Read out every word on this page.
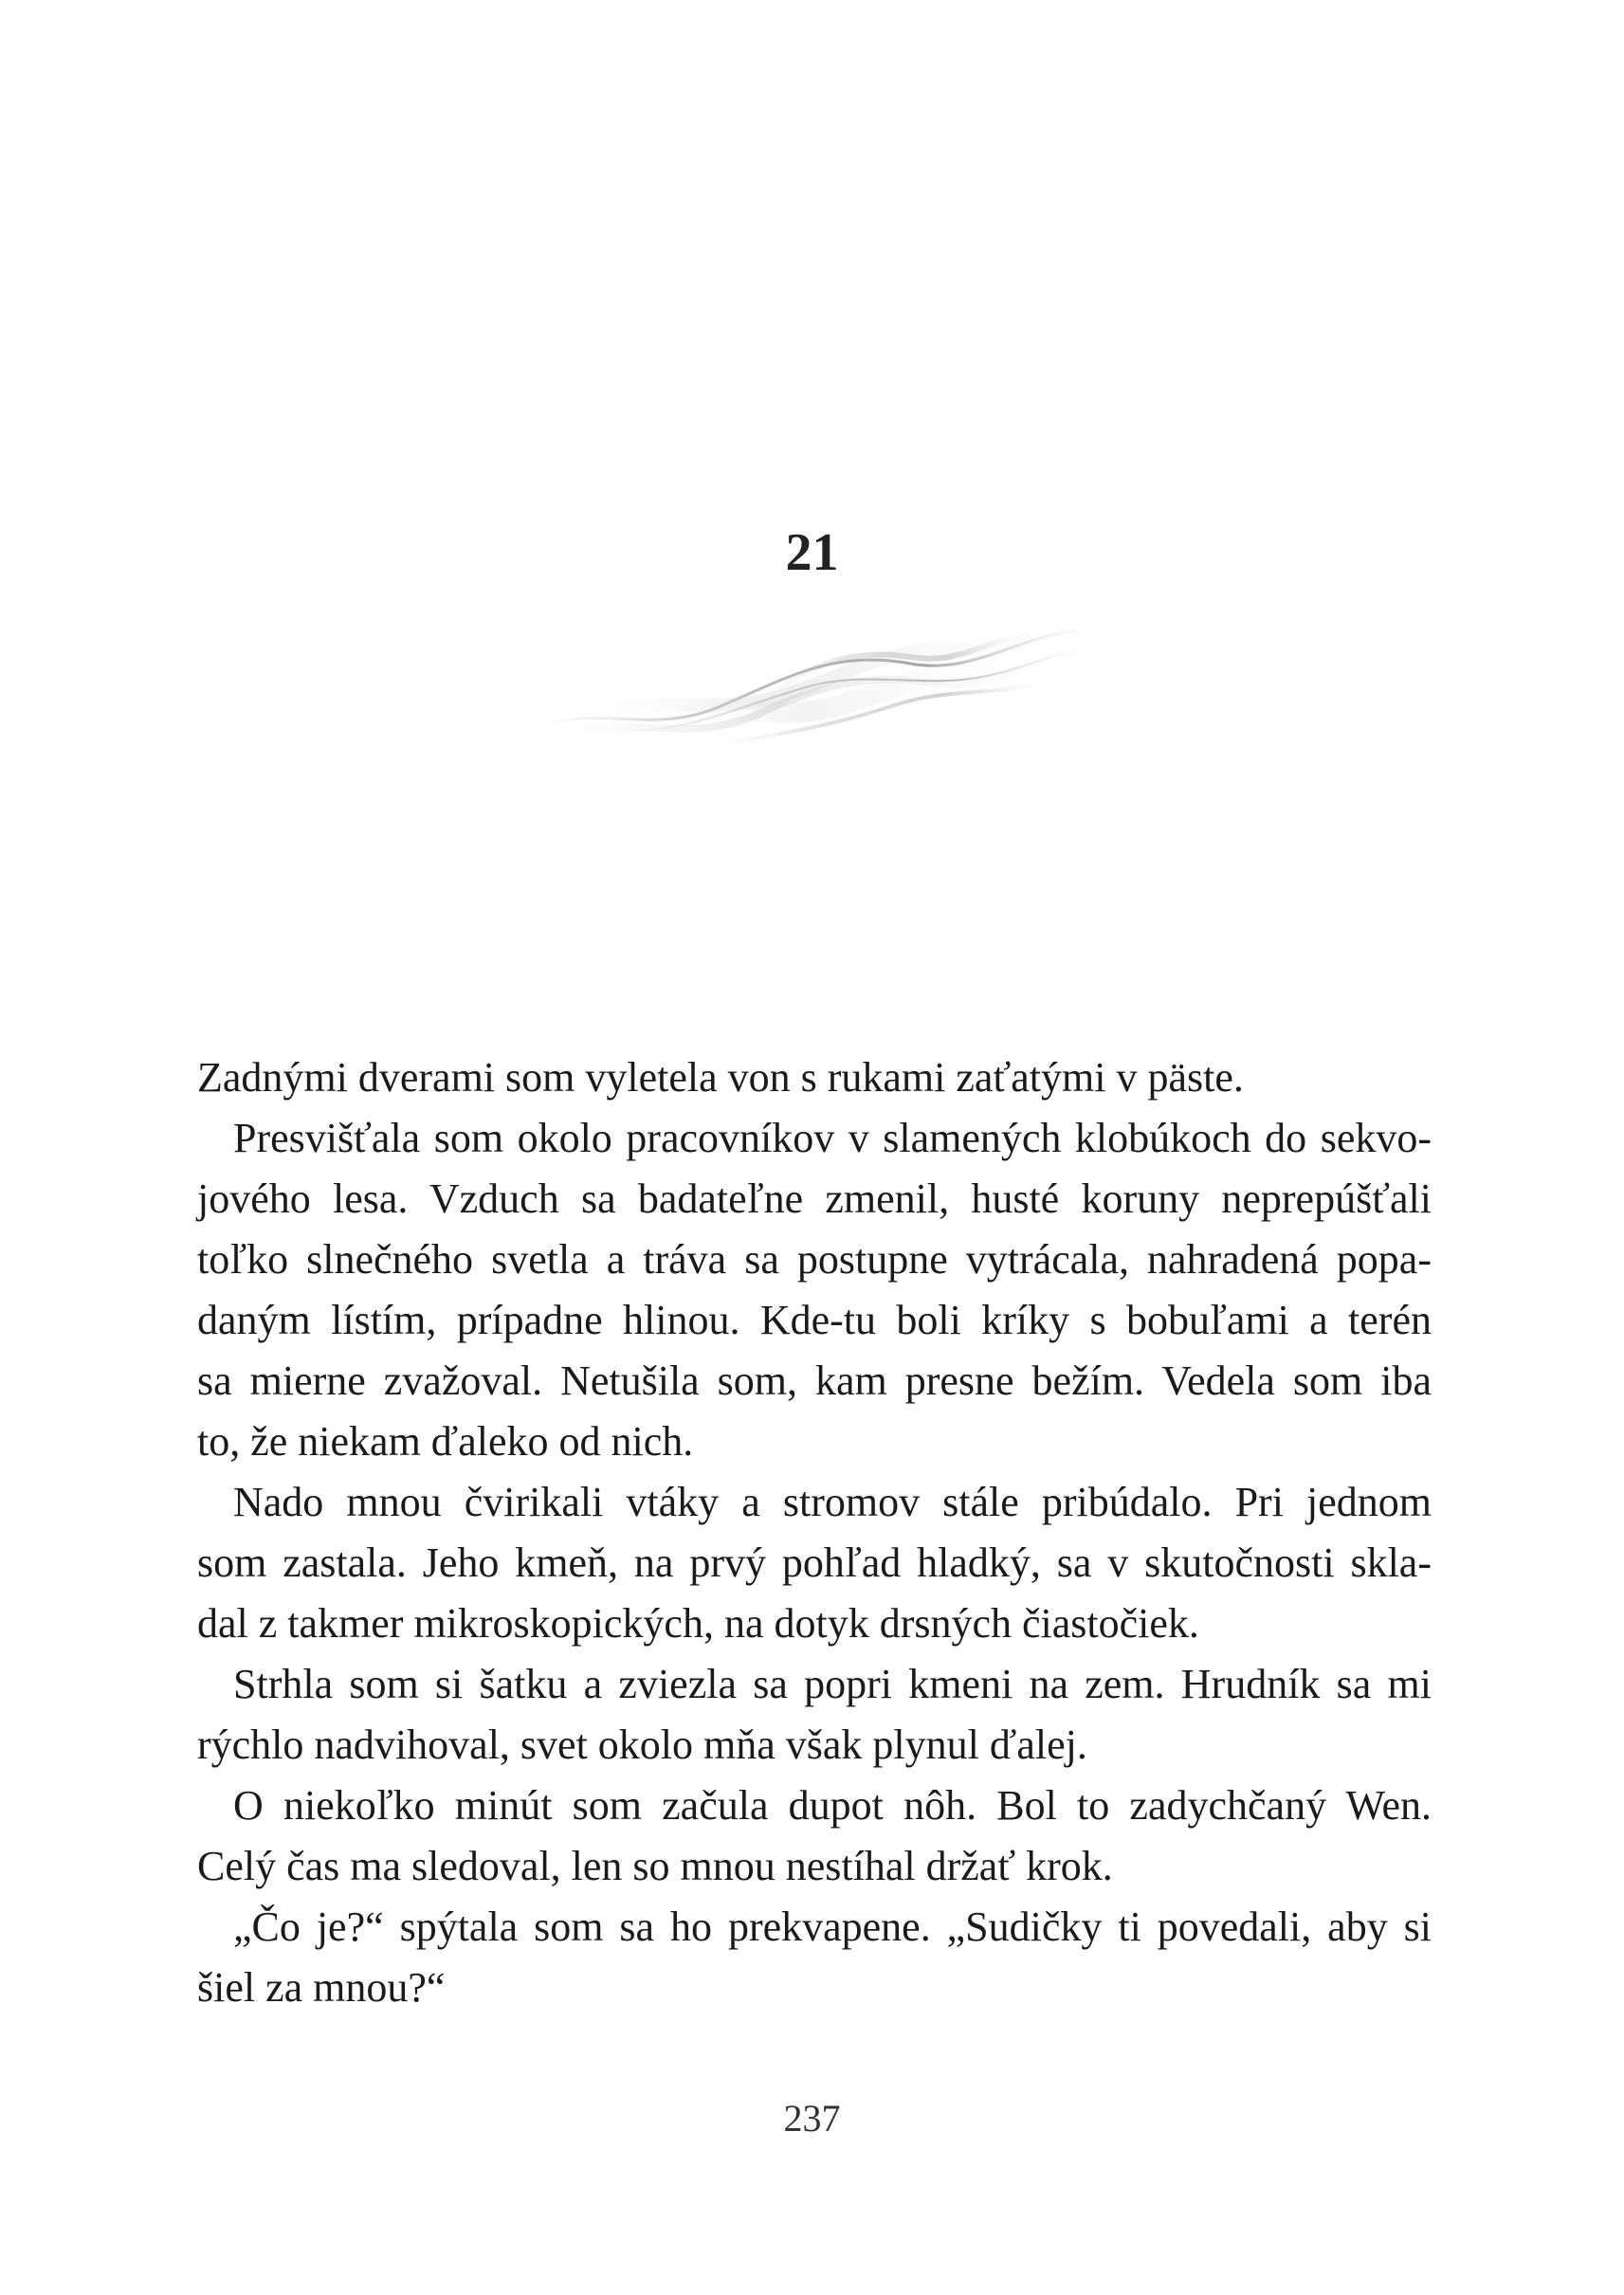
21
Zadnými dverami som vyletela von s rukami zaťatými v päste.
Presvišťala som okolo pracovníkov v slamených klobúkoch do sekvo-
jového lesa. Vzduch sa badateľne zmenil, husté koruny neprepúšťali
toľko slnečného svetla a tráva sa postupne vytrácala, nahradená popa-
daným lístím, prípadne hlinou. Kde-tu boli kríky s bobuľami a terén
sa mierne zvažoval. Netušila som, kam presne bežím. Vedela som iba
to, že niekam ďaleko od nich.
Nado mnou čvirikali vtáky a stromov stále pribúdalo. Pri jednom
som zastala. Jeho kmeň, na prvý pohľad hladký, sa v skutočnosti skla-
dal z takmer mikroskopických, na dotyk drsných čiastočiek.
Strhla som si šatku a zviezla sa popri kmeni na zem. Hrudník sa mi
rýchlo nadvihoval, svet okolo mňa však plynul ďalej.
O niekoľko minút som začula dupot nôh. Bol to zadychčaný Wen.
Celý čas ma sledoval, len so mnou nestíhal držať krok.
„Čo je?“ spýtala som sa ho prekvapene. „Sudičky ti povedali, aby si
šiel za mnou?“
237
